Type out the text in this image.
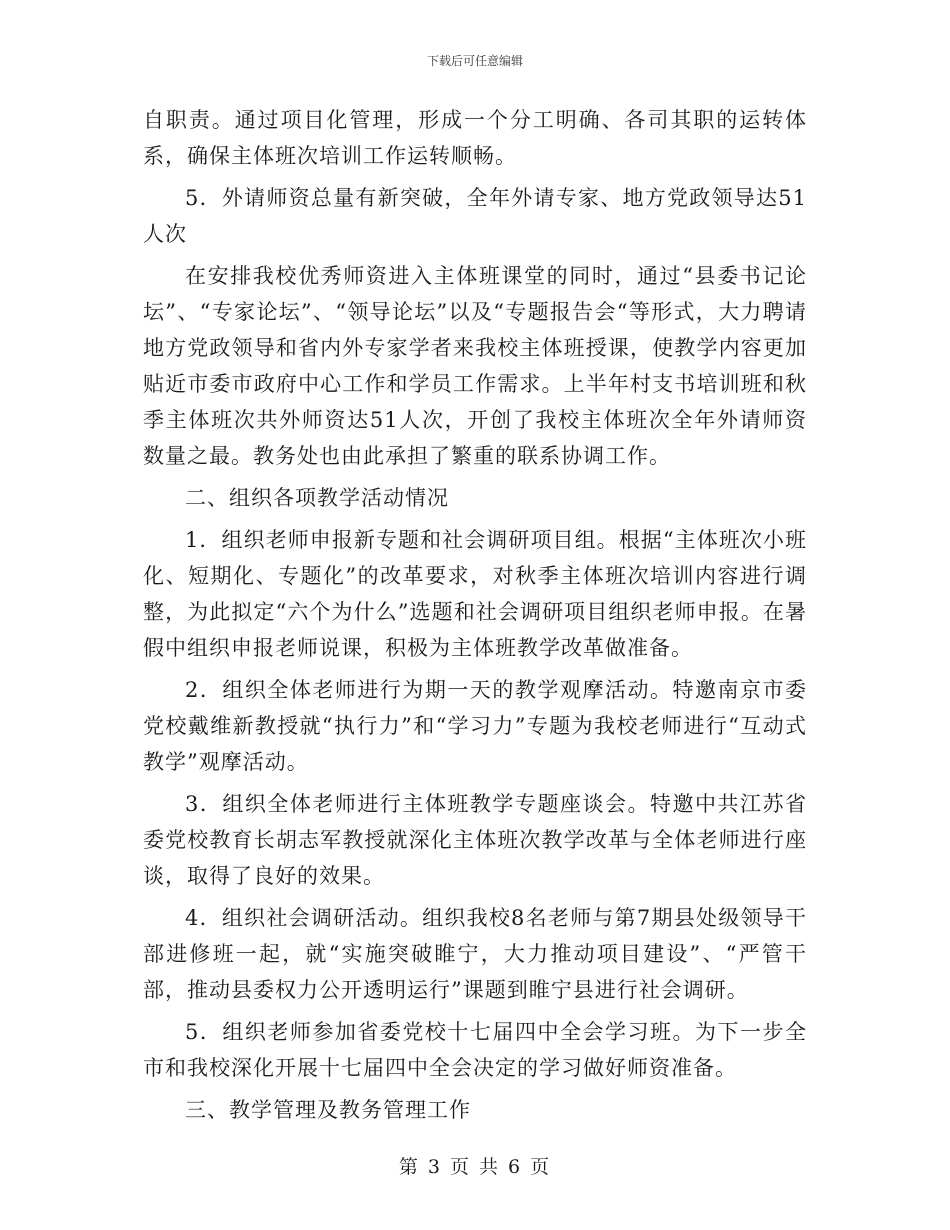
下载后可任意编辑

自职责。通过项目化管理，形成一个分工明确、各司其职的运转体系，确保主体班次培训工作运转顺畅。

5．外请师资总量有新突破，全年外请专家、地方党政领导达51人次

在安排我校优秀师资进入主体班课堂的同时，通过“县委书记论坛”、“专家论坛”、“领导论坛”以及“专题报告会“等形式，大力聘请地方党政领导和省内外专家学者来我校主体班授课，使教学内容更加贴近市委市政府中心工作和学员工作需求。上半年村支书培训班和秋季主体班次共外师资达51人次，开创了我校主体班次全年外请师资数量之最。教务处也由此承担了繁重的联系协调工作。

二、组织各项教学活动情况

1．组织老师申报新专题和社会调研项目组。根据“主体班次小班化、短期化、专题化”的改革要求，对秋季主体班次培训内容进行调整，为此拟定“六个为什么”选题和社会调研项目组织老师申报。在暑假中组织申报老师说课，积极为主体班教学改革做准备。

2．组织全体老师进行为期一天的教学观摩活动。特邀南京市委党校戴维新教授就“执行力”和“学习力”专题为我校老师进行“互动式教学”观摩活动。

3．组织全体老师进行主体班教学专题座谈会。特邀中共江苏省委党校教育长胡志军教授就深化主体班次教学改革与全体老师进行座谈，取得了良好的效果。

4．组织社会调研活动。组织我校8名老师与第7期县处级领导干部进修班一起，就“实施突破睢宁，大力推动项目建设”、“严管干部，推动县委权力公开透明运行”课题到睢宁县进行社会调研。

5．组织老师参加省委党校十七届四中全会学习班。为下一步全市和我校深化开展十七届四中全会决定的学习做好师资准备。

三、教学管理及教务管理工作

第 3 页 共 6 页
